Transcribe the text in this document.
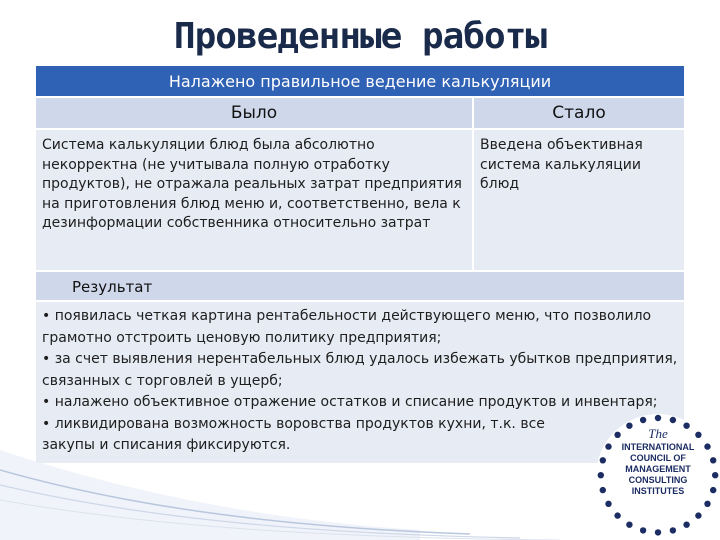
Проведенные работы
Налажено правильное ведение калькуляции	
Было	Стало
Система калькуляции блюд была абсолютно некорректна (не учитывала полную отработку продуктов), не отражала реальных затрат предприятия на приготовления блюд меню и, соответственно, вела к дезинформации собственника относительно затрат	Введена объективная система калькуляции блюд
Результат	

• появилась четкая картина рентабельности действующего меню, что позволило грамотно отстроить ценовую политику предприятия;
• за счет выявления нерентабельных блюд удалось избежать убытков предприятия, связанных с торговлей в ущерб;
• налажено объективное отражение остатков и списание продуктов и инвентаря;
• ликвидирована возможность воровства продуктов кухни, т.к. все закупы и списания фиксируются.	
The
INTERNATIONAL
COUNCIL OF
MANAGEMENT
CONSULTING
INSTITUTES
